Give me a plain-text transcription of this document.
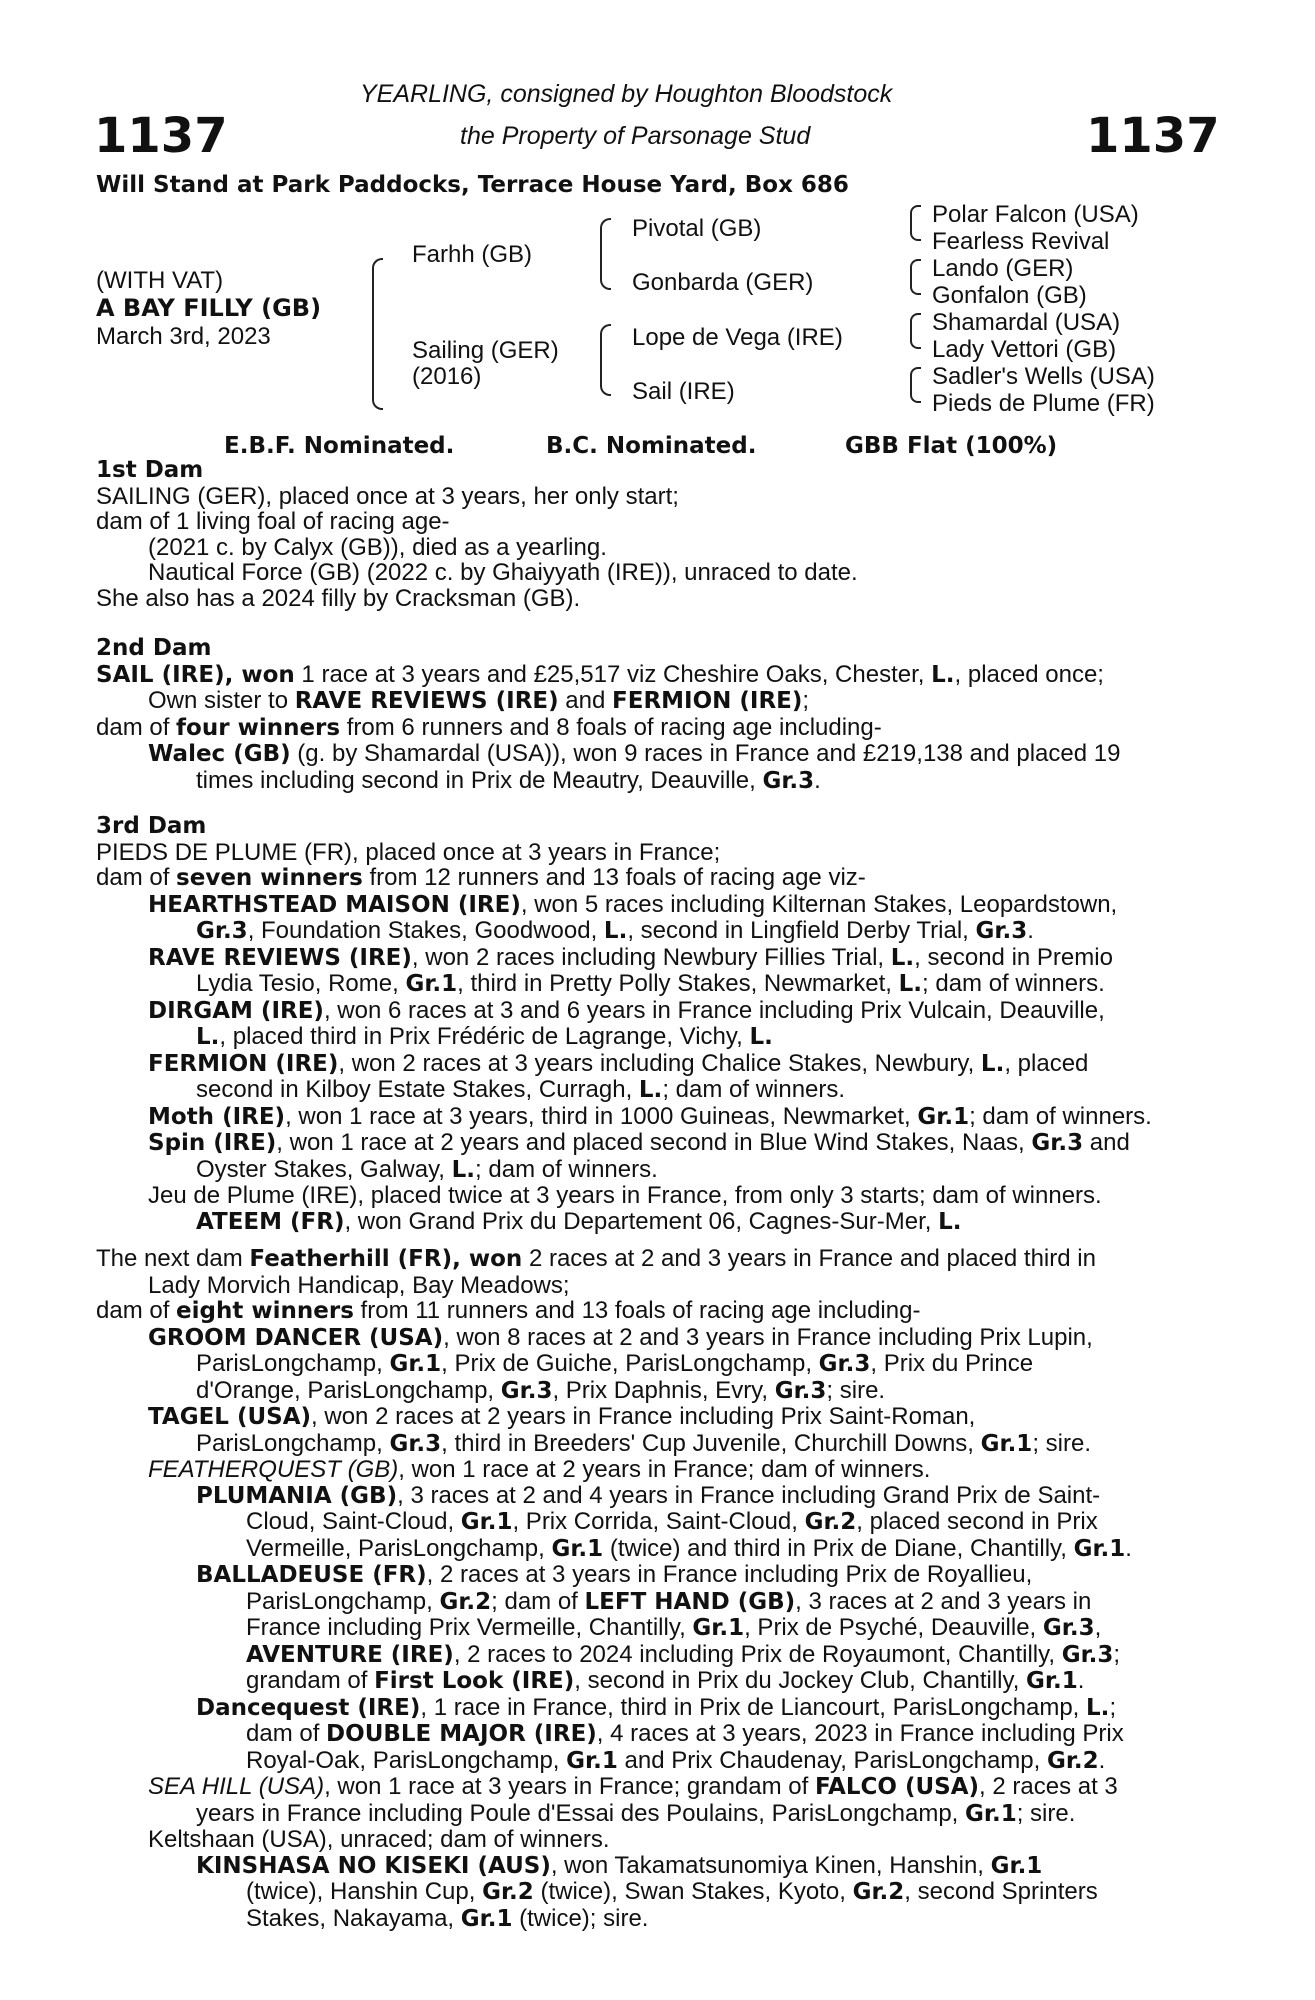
1137	1137
YEARLING, consigned by Houghton Bloodstock
the Property of Parsonage Stud
Will Stand at Park Paddocks, Terrace House Yard, Box 686
(WITH VAT)
A BAY FILLY (GB)
March 3rd, 2023
Farhh (GB)
Sailing (GER)
(2016)
Pivotal (GB)
Gonbarda (GER)
Lope de Vega (IRE)
Sail (IRE)
Polar Falcon (USA)
Fearless Revival
Lando (GER)
Gonfalon (GB)
Shamardal (USA)
Lady Vettori (GB)
Sadler's Wells (USA)
Pieds de Plume (FR)
E.B.F. Nominated.	B.C. Nominated.	GBB Flat (100%)
1st Dam
SAILING (GER), placed once at 3 years, her only start;
dam of 1 living foal of racing age-
(2021 c. by Calyx (GB)), died as a yearling.
Nautical Force (GB) (2022 c. by Ghaiyyath (IRE)), unraced to date.
She also has a 2024 filly by Cracksman (GB).
2nd Dam
SAIL (IRE), won 1 race at 3 years and £25,517 viz Cheshire Oaks, Chester, L., placed once;
Own sister to RAVE REVIEWS (IRE) and FERMION (IRE);
dam of four winners from 6 runners and 8 foals of racing age including-
Walec (GB) (g. by Shamardal (USA)), won 9 races in France and £219,138 and placed 19
times including second in Prix de Meautry, Deauville, Gr.3.
3rd Dam
PIEDS DE PLUME (FR), placed once at 3 years in France;
dam of seven winners from 12 runners and 13 foals of racing age viz-
HEARTHSTEAD MAISON (IRE), won 5 races including Kilternan Stakes, Leopardstown,
Gr.3, Foundation Stakes, Goodwood, L., second in Lingfield Derby Trial, Gr.3.
RAVE REVIEWS (IRE), won 2 races including Newbury Fillies Trial, L., second in Premio
Lydia Tesio, Rome, Gr.1, third in Pretty Polly Stakes, Newmarket, L.; dam of winners.
DIRGAM (IRE), won 6 races at 3 and 6 years in France including Prix Vulcain, Deauville,
L., placed third in Prix Frédéric de Lagrange, Vichy, L.
FERMION (IRE), won 2 races at 3 years including Chalice Stakes, Newbury, L., placed
second in Kilboy Estate Stakes, Curragh, L.; dam of winners.
Moth (IRE), won 1 race at 3 years, third in 1000 Guineas, Newmarket, Gr.1; dam of winners.
Spin (IRE), won 1 race at 2 years and placed second in Blue Wind Stakes, Naas, Gr.3 and
Oyster Stakes, Galway, L.; dam of winners.
Jeu de Plume (IRE), placed twice at 3 years in France, from only 3 starts; dam of winners.
ATEEM (FR), won Grand Prix du Departement 06, Cagnes-Sur-Mer, L.
The next dam Featherhill (FR), won 2 races at 2 and 3 years in France and placed third in
Lady Morvich Handicap, Bay Meadows;
dam of eight winners from 11 runners and 13 foals of racing age including-
GROOM DANCER (USA), won 8 races at 2 and 3 years in France including Prix Lupin,
ParisLongchamp, Gr.1, Prix de Guiche, ParisLongchamp, Gr.3, Prix du Prince
d'Orange, ParisLongchamp, Gr.3, Prix Daphnis, Evry, Gr.3; sire.
TAGEL (USA), won 2 races at 2 years in France including Prix Saint-Roman,
ParisLongchamp, Gr.3, third in Breeders' Cup Juvenile, Churchill Downs, Gr.1; sire.
FEATHERQUEST (GB), won 1 race at 2 years in France; dam of winners.
PLUMANIA (GB), 3 races at 2 and 4 years in France including Grand Prix de Saint-
Cloud, Saint-Cloud, Gr.1, Prix Corrida, Saint-Cloud, Gr.2, placed second in Prix
Vermeille, ParisLongchamp, Gr.1 (twice) and third in Prix de Diane, Chantilly, Gr.1.
BALLADEUSE (FR), 2 races at 3 years in France including Prix de Royallieu,
ParisLongchamp, Gr.2; dam of LEFT HAND (GB), 3 races at 2 and 3 years in
France including Prix Vermeille, Chantilly, Gr.1, Prix de Psyché, Deauville, Gr.3,
AVENTURE (IRE), 2 races to 2024 including Prix de Royaumont, Chantilly, Gr.3;
grandam of First Look (IRE), second in Prix du Jockey Club, Chantilly, Gr.1.
Dancequest (IRE), 1 race in France, third in Prix de Liancourt, ParisLongchamp, L.;
dam of DOUBLE MAJOR (IRE), 4 races at 3 years, 2023 in France including Prix
Royal-Oak, ParisLongchamp, Gr.1 and Prix Chaudenay, ParisLongchamp, Gr.2.
SEA HILL (USA), won 1 race at 3 years in France; grandam of FALCO (USA), 2 races at 3
years in France including Poule d'Essai des Poulains, ParisLongchamp, Gr.1; sire.
Keltshaan (USA), unraced; dam of winners.
KINSHASA NO KISEKI (AUS), won Takamatsunomiya Kinen, Hanshin, Gr.1
(twice), Hanshin Cup, Gr.2 (twice), Swan Stakes, Kyoto, Gr.2, second Sprinters
Stakes, Nakayama, Gr.1 (twice); sire.
